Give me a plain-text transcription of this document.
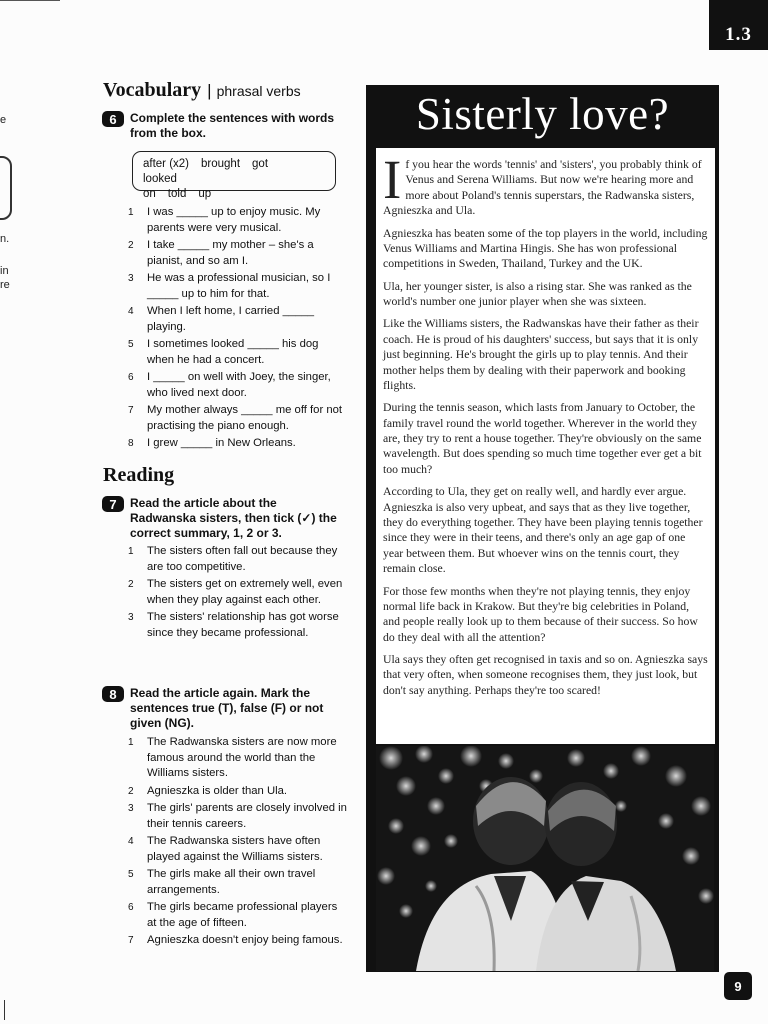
1.3
e
n.
in
re
Vocabulary | phrasal verbs
6	Complete the sentences with words from the box.
after (x2) brought gotlooked
on told up
1 I was _____ up to enjoy music. My parents were very musical.
2 I take _____ my mother – she's a pianist, and so am I.
3 He was a professional musician, so I _____ up to him for that.
4 When I left home, I carried _____ playing.
5 I sometimes looked _____ his dog when he had a concert.
6 I _____ on well with Joey, the singer, who lived next door.
7 My mother always _____ me off for not practising the piano enough.
8 I grew _____ in New Orleans.
Reading
7	Read the article about the Radwanska sisters, then tick (✓) the correct summary, 1, 2 or 3.
1 The sisters often fall out because they are too competitive.
2 The sisters get on extremely well, even when they play against each other.
3 The sisters' relationship has got worse since they became professional.
8	Read the article again. Mark the sentences true (T), false (F) or not given (NG).
1 The Radwanska sisters are now more famous around the world than the Williams sisters.
2 Agnieszka is older than Ula.
3 The girls' parents are closely involved in their tennis careers.
4 The Radwanska sisters have often played against the Williams sisters.
5 The girls make all their own travel arrangements.
6 The girls became professional players at the age of fifteen.
7 Agnieszka doesn't enjoy being famous.
Sisterly love?

If you hear the words 'tennis' and 'sisters', you probably think of Venus and Serena Williams. But now we're hearing more and more about Poland's tennis superstars, the Radwanska sisters, Agnieszka and Ula.

Agnieszka has beaten some of the top players in the world, including Venus Williams and Martina Hingis. She has won professional competitions in Sweden, Thailand, Turkey and the UK.

Ula, her younger sister, is also a rising star. She was ranked as the world's number one junior player when she was sixteen.

Like the Williams sisters, the Radwanskas have their father as their coach. He is proud of his daughters' success, but says that it is only just beginning. He's brought the girls up to play tennis. And their mother helps them by dealing with their paperwork and booking flights.

During the tennis season, which lasts from January to October, the family travel round the world together. Wherever in the world they are, they try to rent a house together. They're obviously on the same wavelength. But does spending so much time together ever get a bit too much?

According to Ula, they get on really well, and hardly ever argue. Agnieszka is also very upbeat, and says that as they live together, they do everything together. They have been playing tennis together since they were in their teens, and there's only an age gap of one year between them. But whoever wins on the tennis court, they remain close.

For those few months when they're not playing tennis, they enjoy normal life back in Krakow. But they're big celebrities in Poland, and people really look up to them because of their success. So how do they deal with all the attention?

Ula says they often get recognised in taxis and so on. Agnieszka says that very often, when someone recognises them, they just look, but don't say anything. Perhaps they're too scared!

9
